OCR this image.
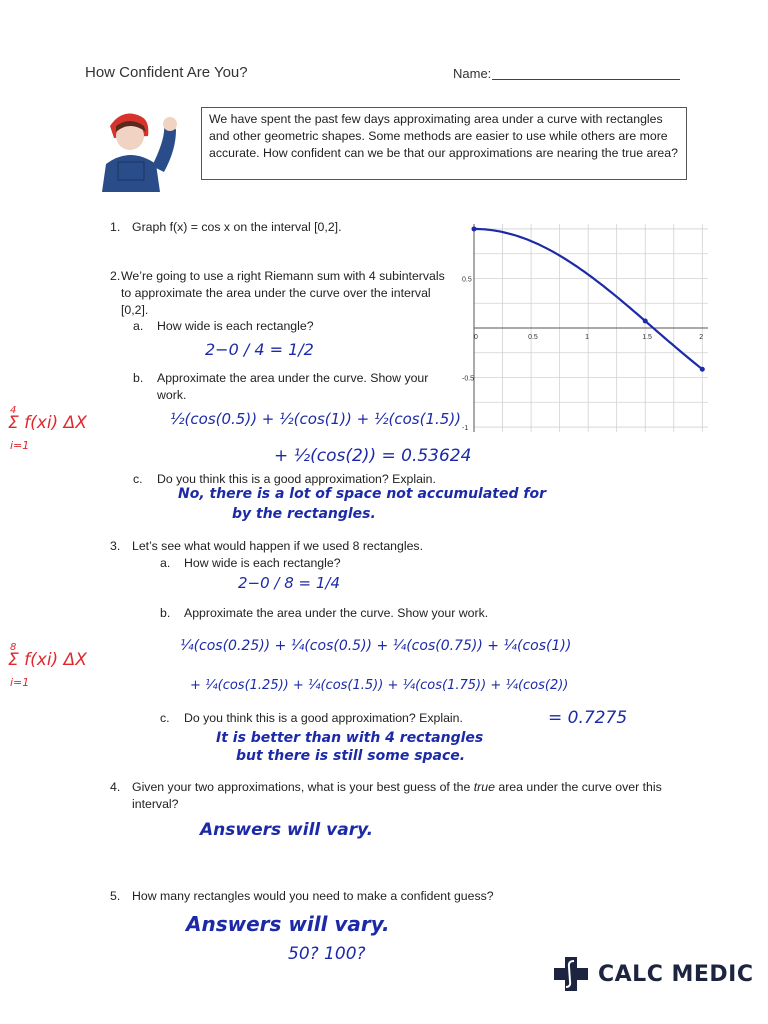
How Confident Are You?	Name:
We have spent the past few days approximating area under a curve with rectangles and other geometric shapes. Some methods are easier to use while others are more accurate. How confident can we be that our approximations are nearing the true area?
1. Graph f(x) = cos x on the interval [0,2].
0	0.5	1	1.5	2
0.5
-0.5
-1
2. We’re going to use a right Riemann sum with 4 subintervals to approximate the area under the curve over the interval [0,2].
a. How wide is each rectangle?
2−0 / 4 = 1/2
b.	Approximate the area under the curve. Show your work.
4
Σ f(xi) ΔX
i=1
½(cos(0.5)) + ½(cos(1)) + ½(cos(1.5))
+ ½(cos(2)) = 0.53624
c. Do you think this is a good approximation? Explain.
No, there is a lot of space not accumulated for
by the rectangles.
3. Let’s see what would happen if we used 8 rectangles.
a. How wide is each rectangle?
2−0 / 8 = 1/4
b. Approximate the area under the curve. Show your work.
8
Σ f(xi) ΔX
i=1
¼(cos(0.25)) + ¼(cos(0.5)) + ¼(cos(0.75)) + ¼(cos(1))
+ ¼(cos(1.25)) + ¼(cos(1.5)) + ¼(cos(1.75)) + ¼(cos(2))
= 0.7275
c. Do you think this is a good approximation? Explain.
It is better than with 4 rectangles
but there is still some space.
4. Given your two approximations, what is your best guess of the true area under the curve over this interval?
Answers will vary.
5. How many rectangles would you need to make a confident guess?
Answers will vary.
50? 100?
CALC MEDIC
